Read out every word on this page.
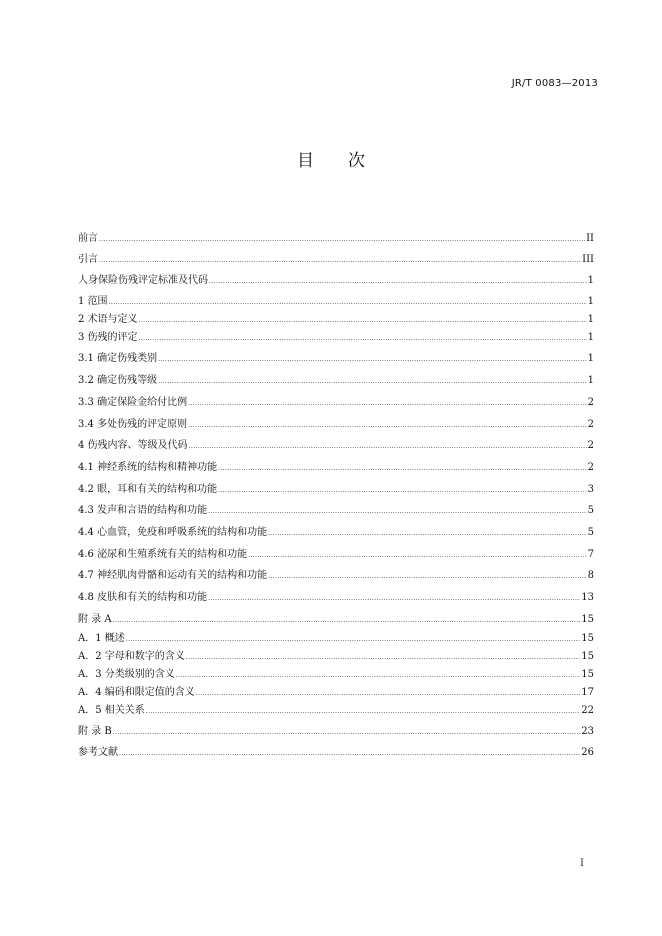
JR/T 0083—2013
目次
前言 .....	II
引言 .....	III
人身保险伤残评定标准及代码 .....	1
1 范围 .....	1
2 术语与定义 .....	1
3 伤残的评定 .....	1
3.1 确定伤残类别 .....	1
3.2 确定伤残等级 .....	1
3.3 确定保险金给付比例 .....	2
3.4 多处伤残的评定原则 .....	2
4 伤残内容、等级及代码 .....	2
4.1 神经系统的结构和精神功能 .....	2
4.2 眼，耳和有关的结构和功能 .....	3
4.3 发声和言语的结构和功能 .....	5
4.4 心血管，免疫和呼吸系统的结构和功能 .....	5
4.6 泌尿和生殖系统有关的结构和功能 .....	7
4.7 神经肌肉骨骼和运动有关的结构和功能 .....	8
4.8 皮肤和有关的结构和功能 .....	13
附 录 A .....	15
A．1 概述 .....	15
A．2 字母和数字的含义 .....	15
A．3 分类级别的含义 .....	15
A．4 编码和限定值的含义 .....	17
A．5 相关关系 .....	22
附 录 B .....	23
参考文献 .....	26
I
